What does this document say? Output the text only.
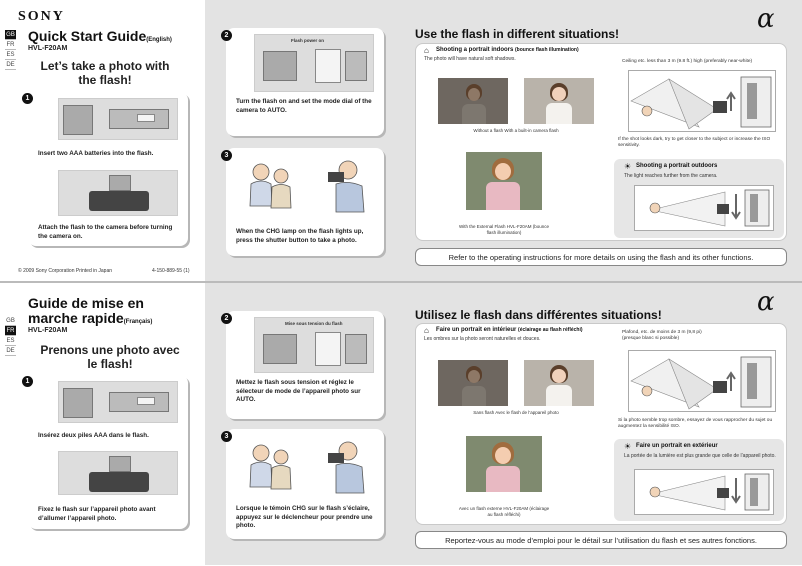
SONY
GB
FR
ES
DE
Quick Start Guide(English)
HVL-F20AM
Let’s take a photo with the flash!
Insert two AAA batteries into the flash.
Attach the flash to the camera before turning the camera on.
1
© 2009 Sony Corporation Printed in Japan	4-150-889-55 (1)
Flash power on
Turn the flash on and set the mode dial of the camera to AUTO.
2
When the CHG lamp on the flash lights up, press the shutter button to take a photo.
3
Use the flash in different situations!	α
⌂ Shooting a portrait indoors (bounce flash illumination)
The photo will have natural soft shadows.
Without a flash With a built-in camera flash
With the External Flash HVL-F20AM (bounce flash illumination)
Ceiling etc. less than 3 m (9.8 ft.) high (preferably near-white)
If the shot looks dark, try to get closer to the subject or increase the ISO sensitivity.
☀ Shooting a portrait outdoors
The light reaches further from the camera.
Refer to the operating instructions for more details on using the flash and its other functions.
GB
FR
ES
DE
Guide de mise en
marche rapide(Français)
HVL-F20AM
Prenons une photo avec le flash!
Insérez deux piles AAA dans le flash.
Fixez le flash sur l’appareil photo avant d’allumer l’appareil photo.
1
Mise sous tension du flash
Mettez le flash sous tension et réglez le sélecteur de mode de l’appareil photo sur AUTO.
2
Lorsque le témoin CHG sur le flash s’éclaire, appuyez sur le déclencheur pour prendre une photo.
3
Utilisez le flash dans différentes situations!	α
⌂ Faire un portrait en intérieur (éclairage au flash réfléchi)
Les ombres sur la photo seront naturelles et douces.
Sans flash Avec le flash de l’appareil photo
Avec un flash externe HVL-F20AM (éclairage au flash réfléchi)
Plafond, etc. de moins de 3 m (9,8 pi) (presque blanc si possible)
Si la photo semble trop sombre, essayez de vous rapprocher du sujet ou augmentez la sensibilité ISO.
☀ Faire un portrait en extérieur
La portée de la lumière est plus grande que celle de l’appareil photo.
Reportez-vous au mode d’emploi pour le détail sur l’utilisation du flash et ses autres fonctions.
